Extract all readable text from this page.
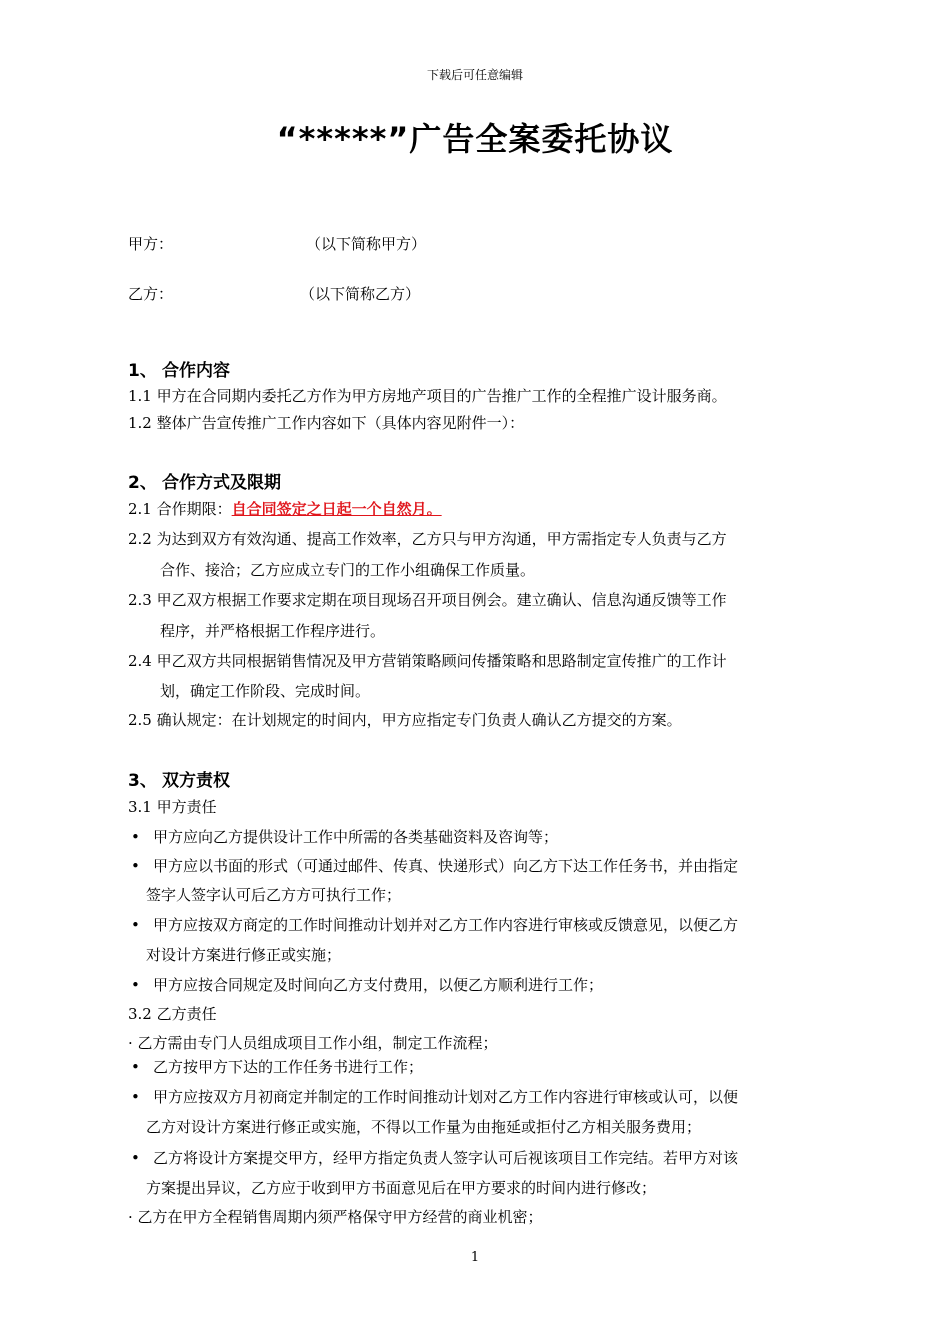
下载后可任意编辑
“*****”广告全案委托协议
甲方：	（以下简称甲方）
乙方：	（以下简称乙方）
1、 合作内容
1.1 甲方在合同期内委托乙方作为甲方房地产项目的广告推广工作的全程推广设计服务商。
1.2 整体广告宣传推广工作内容如下（具体内容见附件一）：
2、 合作方式及限期
2.1 合作期限：自合同签定之日起一个自然月。
2.2 为达到双方有效沟通、提高工作效率，乙方只与甲方沟通，甲方需指定专人负责与乙方
合作、接洽；乙方应成立专门的工作小组确保工作质量。
2.3 甲乙双方根据工作要求定期在项目现场召开项目例会。建立确认、信息沟通反馈等工作
程序，并严格根据工作程序进行。
2.4 甲乙双方共同根据销售情况及甲方营销策略顾问传播策略和思路制定宣传推广的工作计
划，确定工作阶段、完成时间。
2.5 确认规定：在计划规定的时间内，甲方应指定专门负责人确认乙方提交的方案。
3、 双方责权
3.1 甲方责任
• 甲方应向乙方提供设计工作中所需的各类基础资料及咨询等；
• 甲方应以书面的形式（可通过邮件、传真、快递形式）向乙方下达工作任务书，并由指定
签字人签字认可后乙方方可执行工作；
• 甲方应按双方商定的工作时间推动计划并对乙方工作内容进行审核或反馈意见，以便乙方
对设计方案进行修正或实施；
• 甲方应按合同规定及时间向乙方支付费用，以便乙方顺利进行工作；
3.2 乙方责任
· 乙方需由专门人员组成项目工作小组，制定工作流程；
• 乙方按甲方下达的工作任务书进行工作；
• 甲方应按双方月初商定并制定的工作时间推动计划对乙方工作内容进行审核或认可，以便
乙方对设计方案进行修正或实施，不得以工作量为由拖延或拒付乙方相关服务费用；
• 乙方将设计方案提交甲方，经甲方指定负责人签字认可后视该项目工作完结。若甲方对该
方案提出异议，乙方应于收到甲方书面意见后在甲方要求的时间内进行修改；
· 乙方在甲方全程销售周期内须严格保守甲方经营的商业机密；
1
